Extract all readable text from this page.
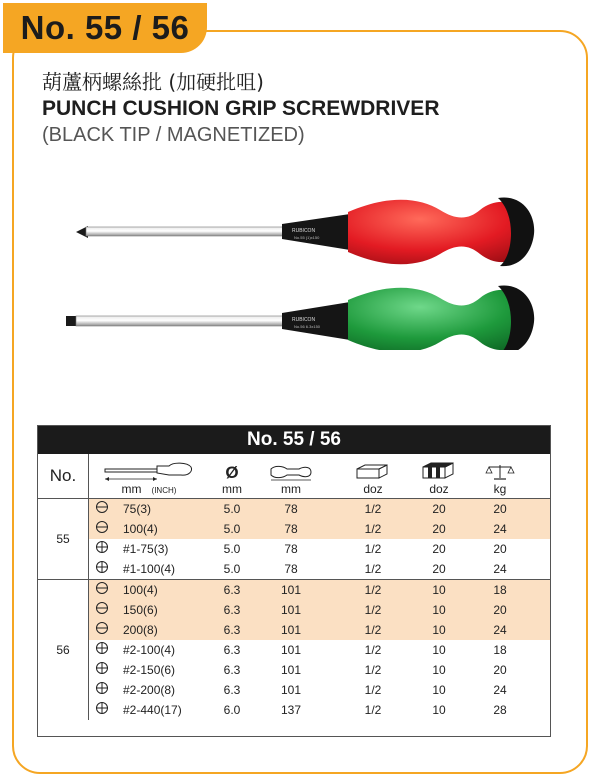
No. 55 / 56
葫蘆柄螺絲批 (加硬批咀)
PUNCH CUSHION GRIP SCREWDRIVER
(BLACK TIP / MAGNETIZED)
RUBICON
No.55 (1)x150
RUBICON
No.56 6.3x150
No. 55 / 56
No.
mm (INCH)
Ø
mm	mm	doz	doz	kg
55
75(3)	5.0	78	1/2	20	20
100(4)	5.0	78	1/2	20	24
#1-75(3)	5.0	78	1/2	20	20
#1-100(4)	5.0	78	1/2	20	24
56
100(4)	6.3	101	1/2	10	18
150(6)	6.3	101	1/2	10	20
200(8)	6.3	101	1/2	10	24
#2-100(4)	6.3	101	1/2	10	18
#2-150(6)	6.3	101	1/2	10	20
#2-200(8)	6.3	101	1/2	10	24
#2-440(17)	6.0	137	1/2	10	28
